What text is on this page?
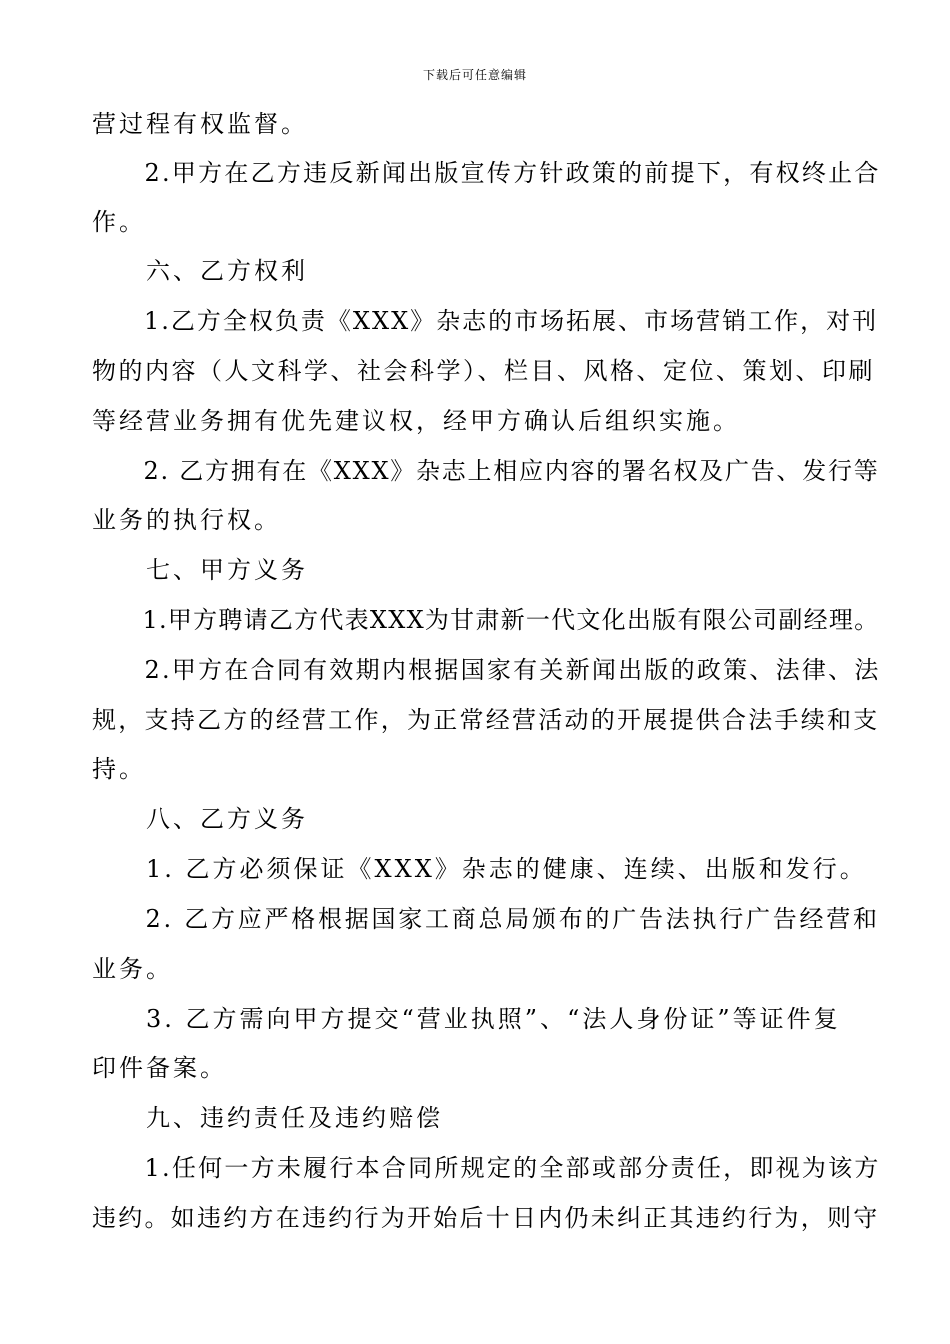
下载后可任意编辑

营过程有权监督。

　　2.甲方在乙方违反新闻出版宣传方针政策的前提下，有权终止合

作。

　　六、乙方权利

　　1.乙方全权负责《XXX》杂志的市场拓展、市场营销工作，对刊

物的内容（人文科学、社会科学）、栏目、风格、定位、策划、印刷

等经营业务拥有优先建议权，经甲方确认后组织实施。

　　2. 乙方拥有在《XXX》杂志上相应内容的署名权及广告、发行等

业务的执行权。

　　七、甲方义务

　　1.甲方聘请乙方代表XXX为甘肃新一代文化出版有限公司副经理。

　　2.甲方在合同有效期内根据国家有关新闻出版的政策、法律、法

规，支持乙方的经营工作，为正常经营活动的开展提供合法手续和支

持。

　　八、乙方义务

　　1. 乙方必须保证《XXX》杂志的健康、连续、出版和发行。

　　2. 乙方应严格根据国家工商总局颁布的广告法执行广告经营和

业务。

　　3. 乙方需向甲方提交“营业执照”、“法人身份证”等证件复

印件备案。

　　九、违约责任及违约赔偿

　　1.任何一方未履行本合同所规定的全部或部分责任，即视为该方

违约。如违约方在违约行为开始后十日内仍未纠正其违约行为，则守
